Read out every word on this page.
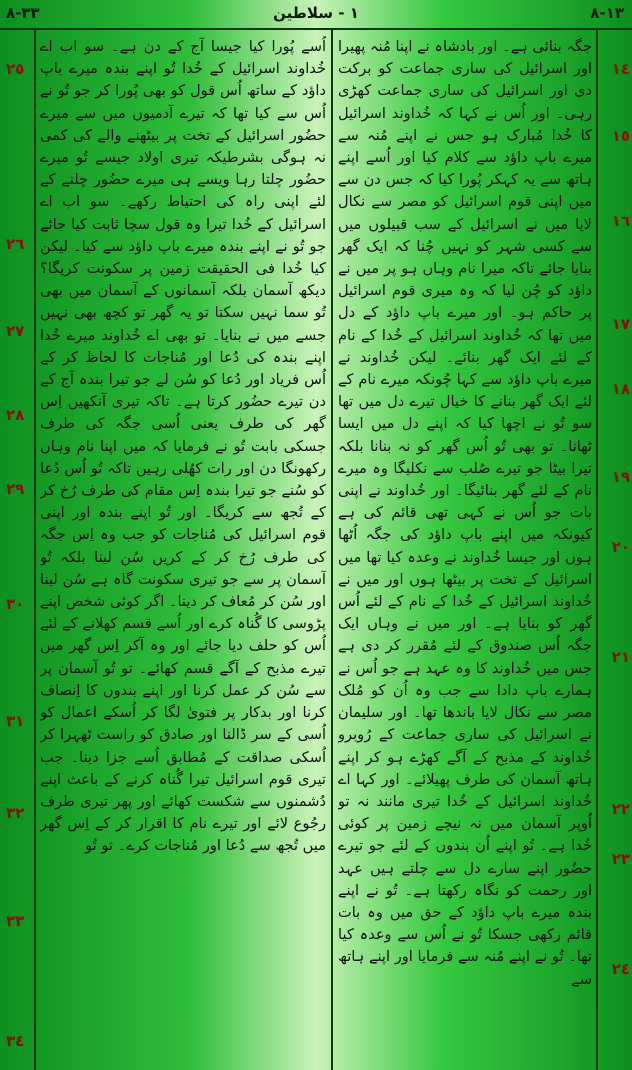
٣٣-٨	١ - سلاطین	١٣-٨
٢٥
٢٦
٢٧
٢٨
٢٩
٣٠
٣١
٣٢
٣٣
٣٤
١٤
١٥
١٦
١٧
١٨
١٩
٢٠
٢١
٢٢
٢٣
٢٤

جگہ بنائی ہے۔ اور بادشاہ نے اپنا مُنہ پھیرا اور اسرائیل کی ساری جماعت کو برکت دی اور اسرائیل کی ساری جماعت کھڑی رہی۔ اور اُس نے کہا کہ خُداوند اسرائیل کا خُدا مُبارک ہو جس نے اپنے مُنہ سے میرے باپ داؤد سے کلام کیا اور اُسے اپنے ہاتھ سے یہ کہکر پُورا کیا کہ جس دن سے میں اپنی قوم اسرائیل کو مصر سے نکال لایا میں نے اسرائیل کے سب قبیلوں میں سے کسی شہر کو نہیں چُنا کہ ایک گھر بنایا جائے تاکہ میرا نام وہاں ہو پر میں نے داؤد کو چُن لیا کہ وہ میری قوم اسرائیل پر حاکم ہو۔ اور میرے باپ داؤد کے دل میں تھا کہ خُداوند اسرائیل کے خُدا کے نام کے لئے ایک گھر بنائے۔ لیکن خُداوند نے میرے باپ داؤد سے کہا چُونکہ میرے نام کے لئے ایک گھر بنانے کا خیال تیرے دل میں تھا سو تُو نے اچھا کیا کہ اپنے دل میں ایسا ٹھانا۔ تو بھی تُو اُس گھر کو نہ بنانا بلکہ تیرا بیٹا جو تیرے صُلب سے نکلیگا وہ میرے نام کے لئے گھر بنائیگا۔ اور خُداوند نے اپنی بات جو اُس نے کہی تھی قائم کی ہے کیونکہ میں اپنے باپ داؤد کی جگہ اُٹھا ہوں اور جیسا خُداوند نے وعدہ کیا تھا میں اسرائیل کے تخت پر بیٹھا ہوں اور میں نے خُداوند اسرائیل کے خُدا کے نام کے لئے اُس گھر کو بنایا ہے۔ اور میں نے وہاں ایک جگہ اُس صندوق کے لئے مُقرر کر دی ہے جس میں خُداوند کا وہ عہد ہے جو اُس نے ہمارے باپ دادا سے جب وہ اُن کو مُلک مصر سے نکال لایا باندھا تھا۔ اور سلیمان نے اسرائیل کی ساری جماعت کے رُوبرو خُداوند کے مذبح کے آگے کھڑے ہو کر اپنے ہاتھ آسمان کی طرف پھیلائے۔ اور کہا اے خُداوند اسرائیل کے خُدا تیری مانند نہ تو اُوپر آسمان میں نہ نیچے زمین پر کوئی خُدا ہے۔ تُو اپنے اُن بندوں کے لئے جو تیرے حضُور اپنے سارے دل سے چلتے ہیں عہد اور رحمت کو نگاہ رکھتا ہے۔ تُو نے اپنے بندہ میرے باپ داؤد کے حق میں وہ بات قائم رکھی جسکا تُو نے اُس سے وعدہ کیا تھا۔ تُو نے اپنے مُنہ سے فرمایا اور اپنے ہاتھ سے

اُسے پُورا کیا جیسا آج کے دن ہے۔ سو اب اے خُداوند اسرائیل کے خُدا تُو اپنے بندہ میرے باپ داؤد کے ساتھ اُس قول کو بھی پُورا کر جو تُو نے اُس سے کیا تھا کہ تیرے آدمیوں میں سے میرے حضُور اسرائیل کے تخت پر بیٹھنے والے کی کمی نہ ہوگی بشرطیکہ تیری اولاد جیسے تُو میرے حضُور چلتا رہا ویسے ہی میرے حضُور چلنے کے لئے اپنی راہ کی احتیاط رکھے۔ سو اب اے اسرائیل کے خُدا تیرا وہ قول سچا ثابت کیا جائے جو تُو نے اپنے بندہ میرے باپ داؤد سے کیا۔ لیکن کیا خُدا فی الحقیقت زمین پر سکونت کریگا؟ دیکھ آسمان بلکہ آسمانوں کے آسمان میں بھی تُو سما نہیں سکتا تو یہ گھر تو کچھ بھی نہیں جسے میں نے بنایا۔ تو بھی اے خُداوند میرے خُدا اپنے بندہ کی دُعا اور مُناجات کا لحاظ کر کے اُس فریاد اور دُعا کو سُن لے جو تیرا بندہ آج کے دن تیرے حضُور کرتا ہے۔ تاکہ تیری آنکھیں اِس گھر کی طرف یعنی اُسی جگہ کی طرف جسکی بابت تُو نے فرمایا کہ میں اپنا نام وہاں رکھونگا دن اور رات کھُلی رہیں تاکہ تُو اُس دُعا کو سُنے جو تیرا بندہ اِس مقام کی طرف رُخ کر کے تُجھ سے کریگا۔ اور تُو اپنے بندہ اور اپنی قوم اسرائیل کی مُناجات کو جب وہ اِس جگہ کی طرف رُخ کر کے کریں سُن لینا بلکہ تُو آسمان پر سے جو تیری سکونت گاہ ہے سُن لینا اور سُن کر مُعاف کر دینا۔ اگر کوئی شخص اپنے پڑوسی کا گُناہ کرے اور اُسے قسم کھلانے کے لئے اُس کو حلف دیا جائے اور وہ آکر اِس گھر میں تیرے مذبح کے آگے قسم کھائے۔ تو تُو آسمان پر سے سُن کر عمل کرنا اور اپنے بندوں کا اِنصاف کرنا اور بدکار پر فتویٰ لگا کر اُسکے اعمال کو اُسی کے سر ڈالنا اور صادق کو راست ٹھہرا کر اُسکی صداقت کے مُطابق اُسے جزا دینا۔ جب تیری قوم اسرائیل تیرا گُناہ کرنے کے باعث اپنے دُشمنوں سے شکست کھائے اور پھر تیری طرف رجُوع لائے اور تیرے نام کا اقرار کر کے اِس گھر میں تُجھ سے دُعا اور مُناجات کرے۔ تو تُو
